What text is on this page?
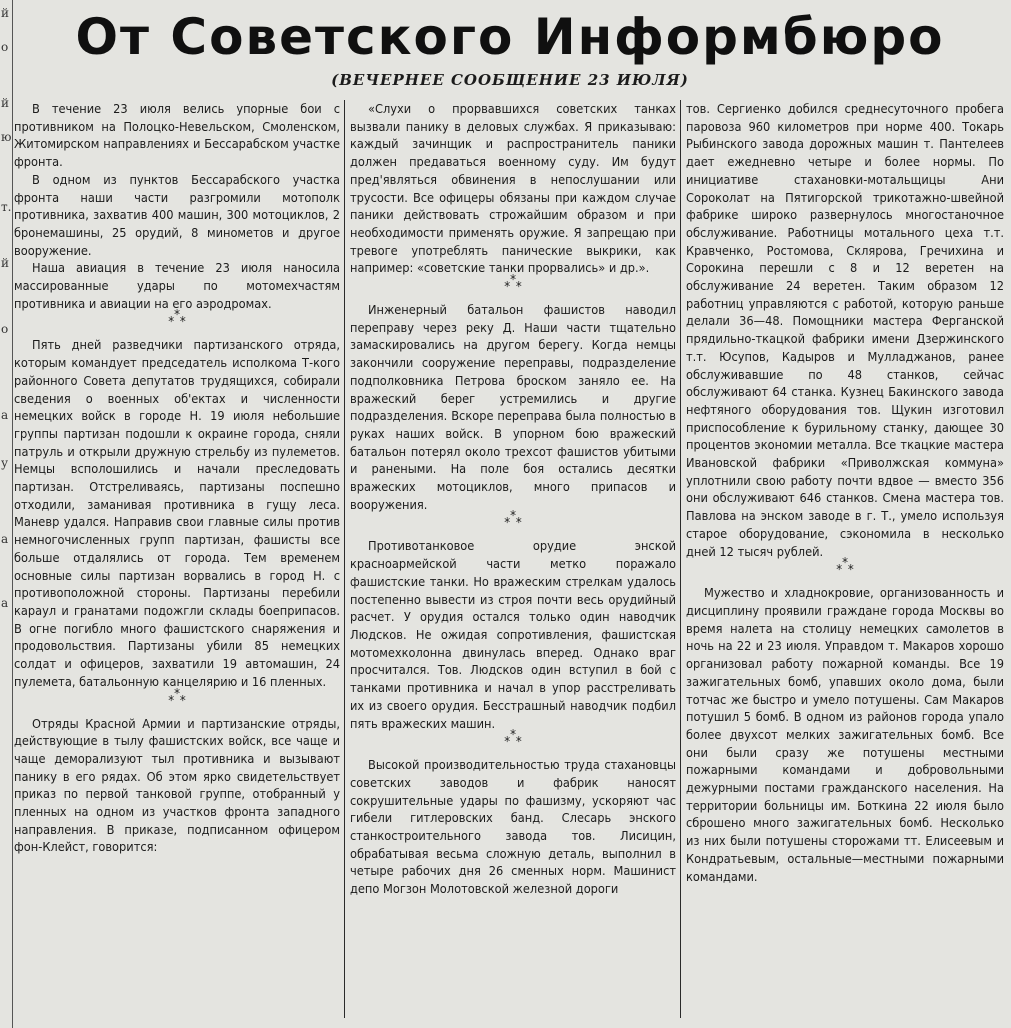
й
о
й
ю
т.
й
о
а
у
а
а
От Советского Информбюро
(ВЕЧЕРНЕЕ СООБЩЕНИЕ 23 ИЮЛЯ)

В течение 23 июля велись упорные бои с противником на Полоцко-Невельском, Смоленском, Житомирском направлениях и Бессарабском участке фронта.

В одном из пунктов Бессарабского участка фронта наши части разгромили мотополк противника, захватив 400 машин, 300 мотоциклов, 2 бронемашины, 25 орудий, 8 минометов и другое вооружение.

Наша авиация в течение 23 июля наносила массированные удары по мотомехчастям противника и авиации на его аэродромах.

***

Пять дней разведчики партизанского отряда, которым командует председатель исполкома Т-кого районного Совета депутатов трудящихся, собирали сведения о военных об'ектах и численности немецких войск в городе Н. 19 июля небольшие группы партизан подошли к окраине города, сняли патруль и открыли дружную стрельбу из пулеметов. Немцы всполошились и начали преследовать партизан. Отстреливаясь, партизаны поспешно отходили, заманивая противника в гущу леса. Маневр удался. Направив свои главные силы против немногочисленных групп партизан, фашисты все больше отдалялись от города. Тем временем основные силы партизан ворвались в город Н. с противоположной стороны. Партизаны перебили караул и гранатами подожгли склады боеприпасов. В огне погибло много фашистского снаряжения и продовольствия. Партизаны убили 85 немецких солдат и офицеров, захватили 19 автомашин, 24 пулемета, батальонную канцелярию и 16 пленных.

***

Отряды Красной Армии и партизанские отряды, действующие в тылу фашистских войск, все чаще и чаще деморализуют тыл противника и вызывают панику в его рядах. Об этом ярко свидетельствует приказ по первой танковой группе, отобранный у пленных на одном из участков фронта западного направления. В приказе, подписанном офицером фон-Клейст, говорится:

«Слухи о прорвавшихся советских танках вызвали панику в деловых службах. Я приказываю: каждый зачинщик и распространитель паники должен предаваться военному суду. Им будут пред'являться обвинения в непослушании или трусости. Все офицеры обязаны при каждом случае паники действовать строжайшим образом и при необходимости применять оружие. Я запрещаю при тревоге употреблять панические выкрики, как например: «советские танки прорвались» и др.».

***

Инженерный батальон фашистов наводил переправу через реку Д. Наши части тщательно замаскировались на другом берегу. Когда немцы закончили сооружение переправы, подразделение подполковника Петрова броском заняло ее. На вражеский берег устремились и другие подразделения. Вскоре переправа была полностью в руках наших войск. В упорном бою вражеский батальон потерял около трехсот фашистов убитыми и ранеными. На поле боя остались десятки вражеских мотоциклов, много припасов и вооружения.

***

Противотанковое орудие энской красноармейской части метко поражало фашистские танки. Но вражеским стрелкам удалось постепенно вывести из строя почти весь орудийный расчет. У орудия остался только один наводчик Людсков. Не ожидая сопротивления, фашистская мотомехколонна двинулась вперед. Однако враг просчитался. Тов. Людсков один вступил в бой с танками противника и начал в упор расстреливать их из своего орудия. Бесстрашный наводчик подбил пять вражеских машин.

***

Высокой производительностью труда стахановцы советских заводов и фабрик наносят сокрушительные удары по фашизму, ускоряют час гибели гитлеровских банд. Слесарь энского станкостроительного завода тов. Лисицин, обрабатывая весьма сложную деталь, выполнил в четыре рабочих дня 26 сменных норм. Машинист депо Могзон Молотовской железной дороги

тов. Сергиенко добился среднесуточного пробега паровоза 960 километров при норме 400. Токарь Рыбинского завода дорожных машин т. Пантелеев дает ежедневно четыре и более нормы. По инициативе стахановки-мотальщицы Ани Сороколат на Пятигорской трикотажно-швейной фабрике широко развернулось многостаночное обслуживание. Работницы мотального цеха т.т. Кравченко, Ростомова, Склярова, Гречихина и Сорокина перешли с 8 и 12 веретен на обслуживание 24 веретен. Таким образом 12 работниц управляются с работой, которую раньше делали 36—48. Помощники мастера Ферганской прядильно-ткацкой фабрики имени Дзержинского т.т. Юсупов, Кадыров и Мулладжанов, ранее обслуживавшие по 48 станков, сейчас обслуживают 64 станка. Кузнец Бакинского завода нефтяного оборудования тов. Щукин изготовил приспособление к бурильному станку, дающее 30 процентов экономии металла. Все ткацкие мастера Ивановской фабрики «Приволжская коммуна» уплотнили свою работу почти вдвое — вместо 356 они обслуживают 646 станков. Смена мастера тов. Павлова на энском заводе в г. Т., умело используя старое оборудование, сэкономила в несколько дней 12 тысяч рублей.

***

Мужество и хладнокровие, организованность и дисциплину проявили граждане города Москвы во время налета на столицу немецких самолетов в ночь на 22 и 23 июля. Управдом т. Макаров хорошо организовал работу пожарной команды. Все 19 зажигательных бомб, упавших около дома, были тотчас же быстро и умело потушены. Сам Макаров потушил 5 бомб. В одном из районов города упало более двухсот мелких зажигательных бомб. Все они были сразу же потушены местными пожарными командами и добровольными дежурными постами гражданского населения. На территории больницы им. Боткина 22 июля было сброшено много зажигательных бомб. Несколько из них были потушены сторожами тт. Елисеевым и Кондратьевым, остальные—местными пожарными командами.
